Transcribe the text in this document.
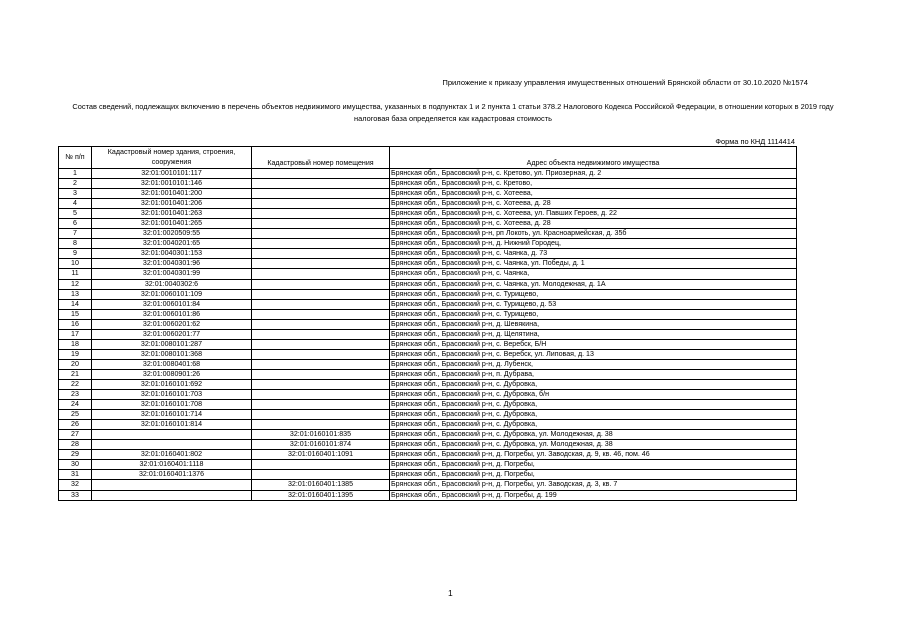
Приложение к приказу управления имущественных отношений Брянской области от 30.10.2020 №1574
Состав сведений, подлежащих включению в перечень объектов недвижимого имущества, указанных в подпунктах 1 и 2 пункта 1 статьи 378.2 Налогового Кодекса Российской Федерации, в отношении которых в 2019 году налоговая база определяется как кадастровая стоимость
Форма по КНД 1114414
№ п/п	Кадастровый номер здания, строения, сооружения	Кадастровый номер помещения	Адрес объекта недвижимого имущества
1	32:01:0010101:117		Брянская обл., Брасовский р-н, с. Кретово, ул. Приозерная, д. 2
2	32:01:0010101:146		Брянская обл., Брасовский р-н, с. Кретово,
3	32:01:0010401:200		Брянская обл., Брасовский р-н, с. Хотеева,
4	32:01:0010401:206		Брянская обл., Брасовский р-н, с. Хотеева, д. 28
5	32:01:0010401:263		Брянская обл., Брасовский р-н, с. Хотеева, ул. Павших Героев, д. 22
6	32:01:0010401:265		Брянская обл., Брасовский р-н, с. Хотеева, д. 28
7	32:01:0020509:55		Брянская обл., Брасовский р-н, рп Локоть, ул. Красноармейская, д. 35б
8	32:01:0040201:65		Брянская обл., Брасовский р-н, д. Нижний Городец,
9	32:01:0040301:153		Брянская обл., Брасовский р-н, с. Чаянка, д. 73
10	32:01:0040301:96		Брянская обл., Брасовский р-н, с. Чаянка, ул. Победы, д. 1
11	32:01:0040301:99		Брянская обл., Брасовский р-н, с. Чаянка,
12	32:01:0040302:6		Брянская обл., Брасовский р-н, с. Чаянка, ул. Молодежная, д. 1А
13	32:01:0060101:109		Брянская обл., Брасовский р-н, с. Турищево,
14	32:01:0060101:84		Брянская обл., Брасовский р-н, с. Турищево, д. 53
15	32:01:0060101:86		Брянская обл., Брасовский р-н, с. Турищево,
16	32:01:0060201:62		Брянская обл., Брасовский р-н, д. Шевякина,
17	32:01:0060201:77		Брянская обл., Брасовский р-н, д. Щелятина,
18	32:01:0080101:287		Брянская обл., Брасовский р-н, с. Веребск, Б/Н
19	32:01:0080101:368		Брянская обл., Брасовский р-н, с. Веребск, ул. Липовая, д. 13
20	32:01:0080401:68		Брянская обл., Брасовский р-н, д. Лубенск,
21	32:01:0080901:26		Брянская обл., Брасовский р-н, п. Дубрава,
22	32:01:0160101:692		Брянская обл., Брасовский р-н, с. Дубровка,
23	32:01:0160101:703		Брянская обл., Брасовский р-н, с. Дубровка, б/н
24	32:01:0160101:708		Брянская обл., Брасовский р-н, с. Дубровка,
25	32:01:0160101:714		Брянская обл., Брасовский р-н, с. Дубровка,
26	32:01:0160101:814		Брянская обл., Брасовский р-н, с. Дубровка,
27		32:01:0160101:835	Брянская обл., Брасовский р-н, с. Дубровка, ул. Молодежная, д. 38
28		32:01:0160101:874	Брянская обл., Брасовский р-н, с. Дубровка, ул. Молодежная, д. 38
29	32:01:0160401:802	32:01:0160401:1091	Брянская обл., Брасовский р-н, д. Погребы, ул. Заводская, д. 9, кв. 46, пом. 46
30	32:01:0160401:1118		Брянская обл., Брасовский р-н, д. Погребы,
31	32:01:0160401:1376		Брянская обл., Брасовский р-н, д. Погребы,
32		32:01:0160401:1385	Брянская обл., Брасовский р-н, д. Погребы, ул. Заводская, д. 3, кв. 7
33		32:01:0160401:1395	Брянская обл., Брасовский р-н, д. Погребы, д. 199
1
